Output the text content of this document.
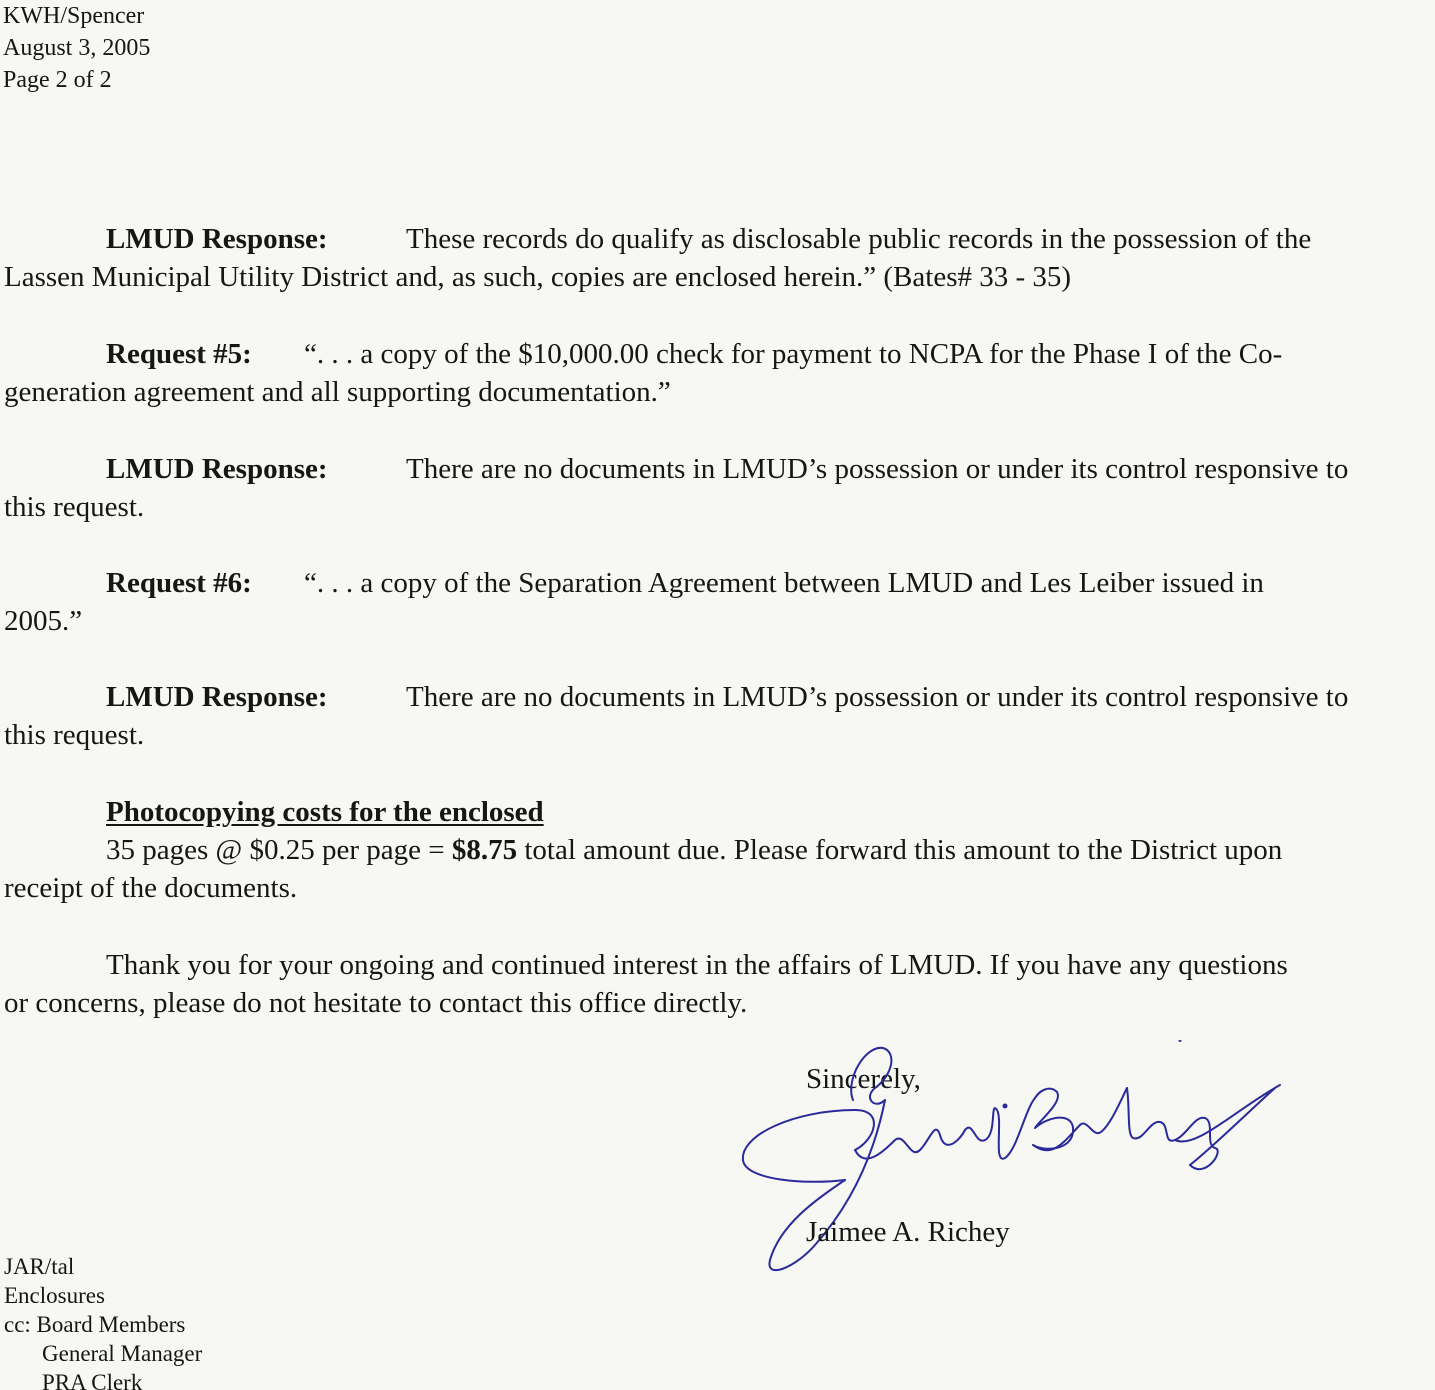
KWH/Spencer
August 3, 2005
Page 2 of 2
LMUD Response:	These records do qualify as disclosable public records in the possession of the
Lassen Municipal Utility District and, as such, copies are enclosed herein.” (Bates# 33 - 35)
Request #5: “. . . a copy of the $10,000.00 check for payment to NCPA for the Phase I of the Co-
generation agreement and all supporting documentation.”
LMUD Response:	There are no documents in LMUD’s possession or under its control responsive to
this request.
Request #6: “. . . a copy of the Separation Agreement between LMUD and Les Leiber issued in
2005.”
LMUD Response:	There are no documents in LMUD’s possession or under its control responsive to
this request.
Photocopying costs for the enclosed
35 pages @ $0.25 per page = $8.75 total amount due. Please forward this amount to the District upon
receipt of the documents.
Thank you for your ongoing and continued interest in the affairs of LMUD. If you have any questions
or concerns, please do not hesitate to contact this office directly.
Sincerely,
Jaimee A. Richey
JAR/tal
Enclosures
cc: Board Members
General Manager
PRA Clerk
